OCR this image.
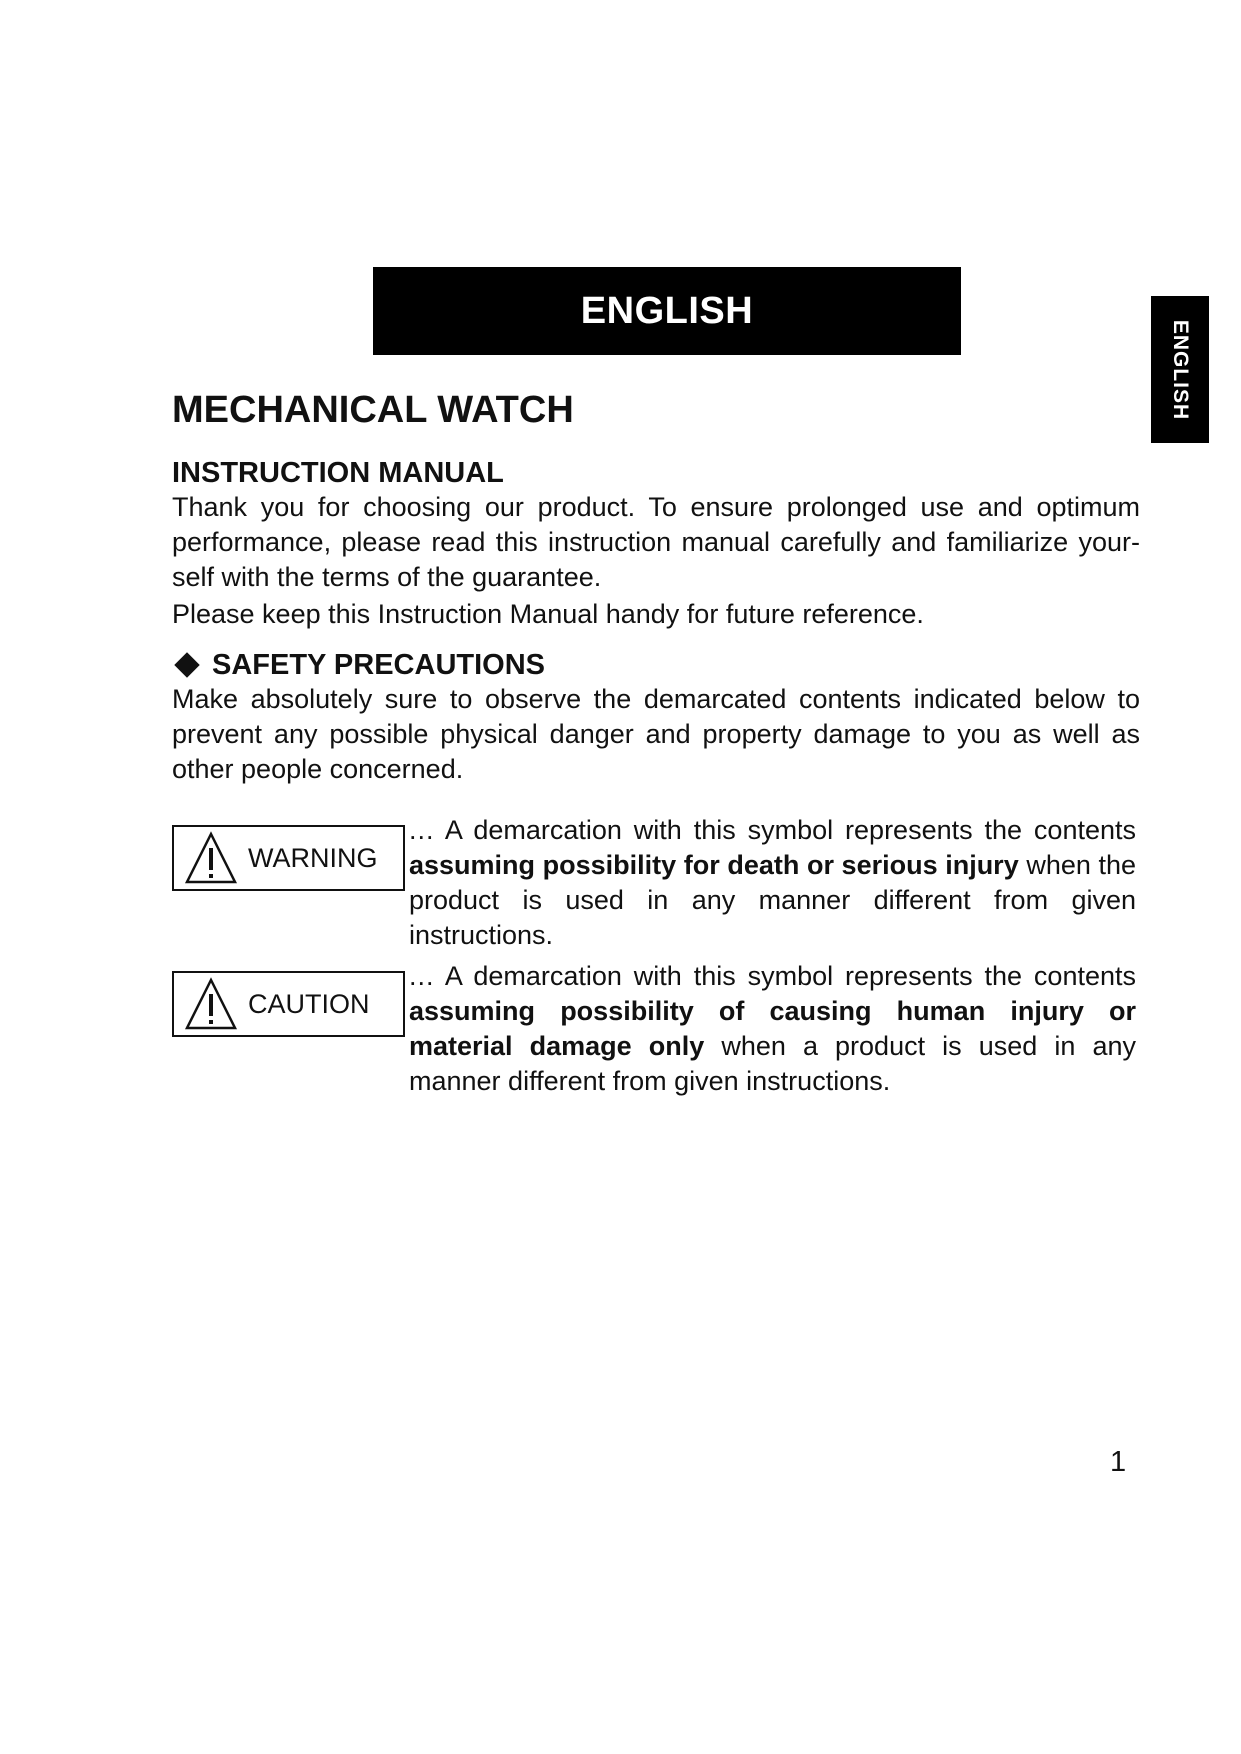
ENGLISH
ENGLISH
MECHANICAL WATCH
INSTRUCTION MANUAL

Thank you for choosing our product. To ensure prolonged use and optimum performance, please read this instruction manual carefully and familiarize your-self with the terms of the guarantee.

Please keep this Instruction Manual handy for future reference.

SAFETY PRECAUTIONS

Make absolutely sure to observe the demarcated contents indicated below to prevent any possible physical danger and property damage to you as well as other people concerned.

WARNING

... A demarcation with this symbol represents the contents assuming possibility for death or serious injury when the product is used in any manner different from given instructions.

CAUTION

... A demarcation with this symbol represents the contents assuming possibility of causing human injury or material damage only when a product is used in any manner different from given instructions.

1
